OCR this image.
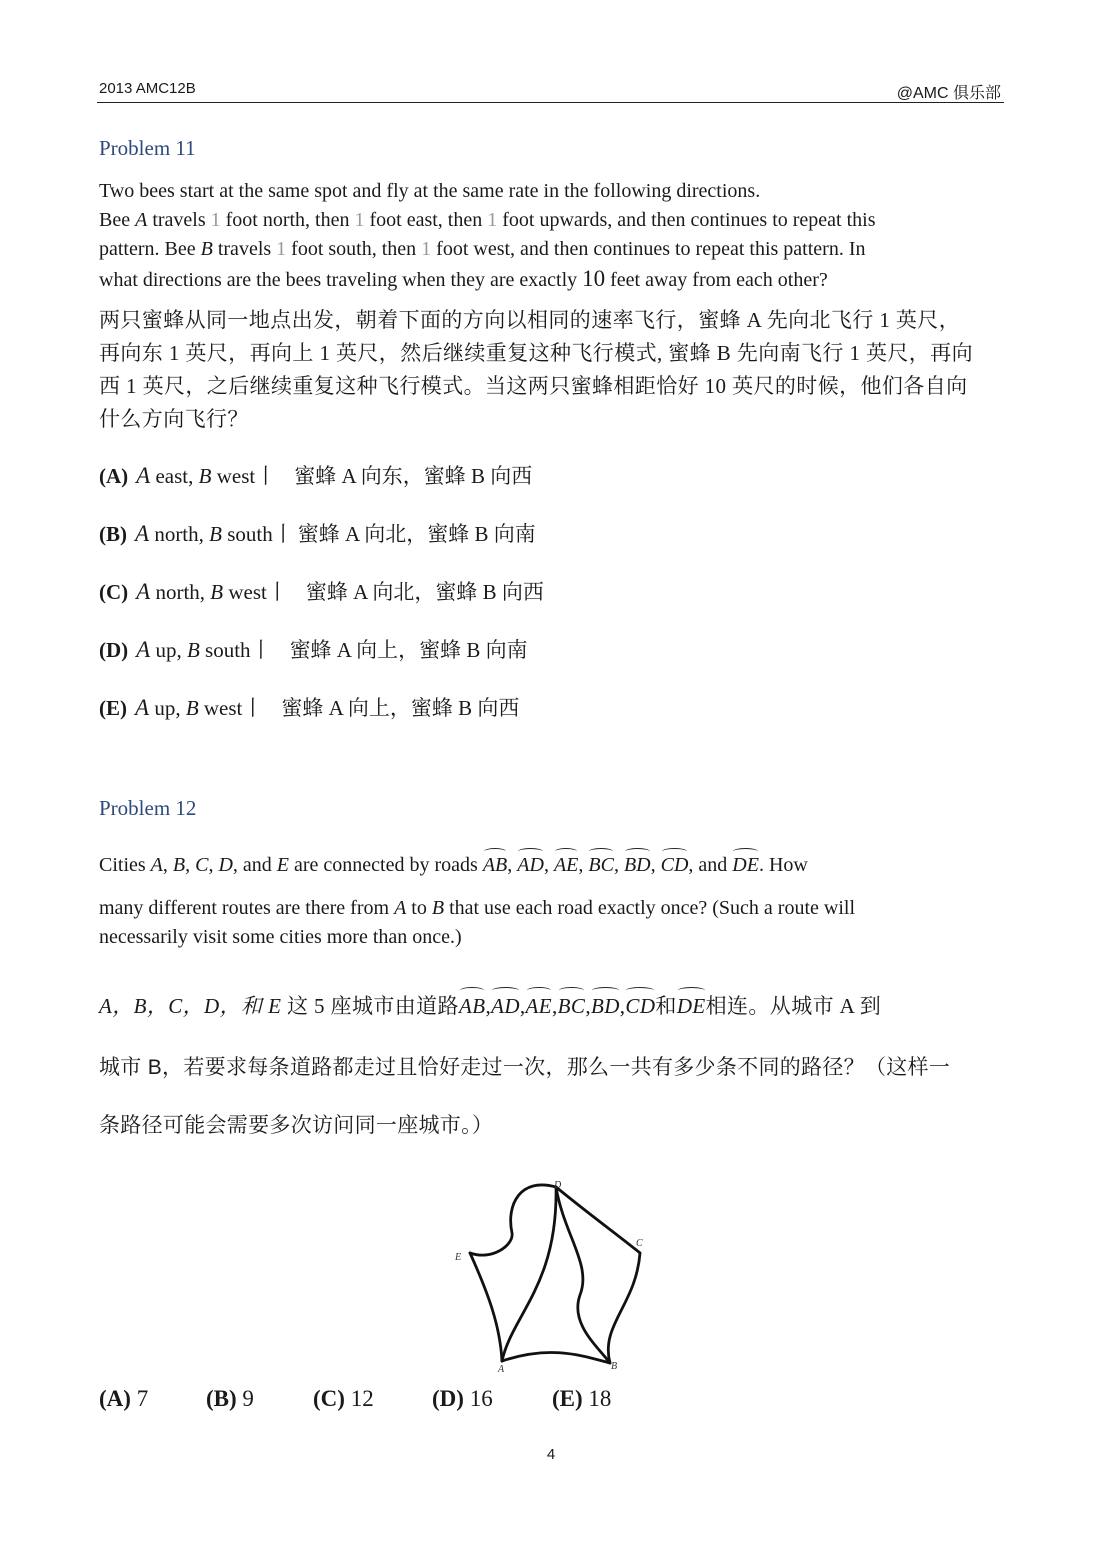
2013 AMC12B	@AMC 俱乐部
Problem 11
Two bees start at the same spot and fly at the same rate in the following directions.
Bee A travels 1 foot north, then 1 foot east, then 1 foot upwards, and then continues to repeat this
pattern. Bee B travels 1 foot south, then 1 foot west, and then continues to repeat this pattern. In
what directions are the bees traveling when they are exactly 10 feet away from each other?
两只蜜蜂从同一地点出发，朝着下面的方向以相同的速率飞行，蜜蜂 A 先向北飞行 1 英尺，
再向东 1 英尺，再向上 1 英尺，然后继续重复这种飞行模式, 蜜蜂 B 先向南飞行 1 英尺，再向
西 1 英尺，之后继续重复这种飞行模式。当这两只蜜蜂相距恰好 10 英尺的时候，他们各自向
什么方向飞行？
(A) A east, B west丨 蜜蜂 A 向东，蜜蜂 B 向西
(B) A north, B south丨 蜜蜂 A 向北，蜜蜂 B 向南
(C) A north, B west丨 蜜蜂 A 向北，蜜蜂 B 向西
(D) A up, B south丨 蜜蜂 A 向上，蜜蜂 B 向南
(E) A up, B west丨 蜜蜂 A 向上，蜜蜂 B 向西
Problem 12
Cities A, B, C, D, and E are connected by roads AB, AD, AE, BC, BD, CD, and DE. How
many different routes are there from A to B that use each road exactly once? (Such a route will
necessarily visit some cities more than once.)
A，B，C，D，和 E 这 5 座城市由道路AB,AD,AE,BC,BD,CD和DE相连。从城市 A 到
城市 B，若要求每条道路都走过且恰好走过一次，那么一共有多少条不同的路径？（这样一
条路径可能会需要多次访问同一座城市。）
D
C
E
A	B
(A) 7	(B) 9	(C) 12	(D) 16	(E) 18
4
